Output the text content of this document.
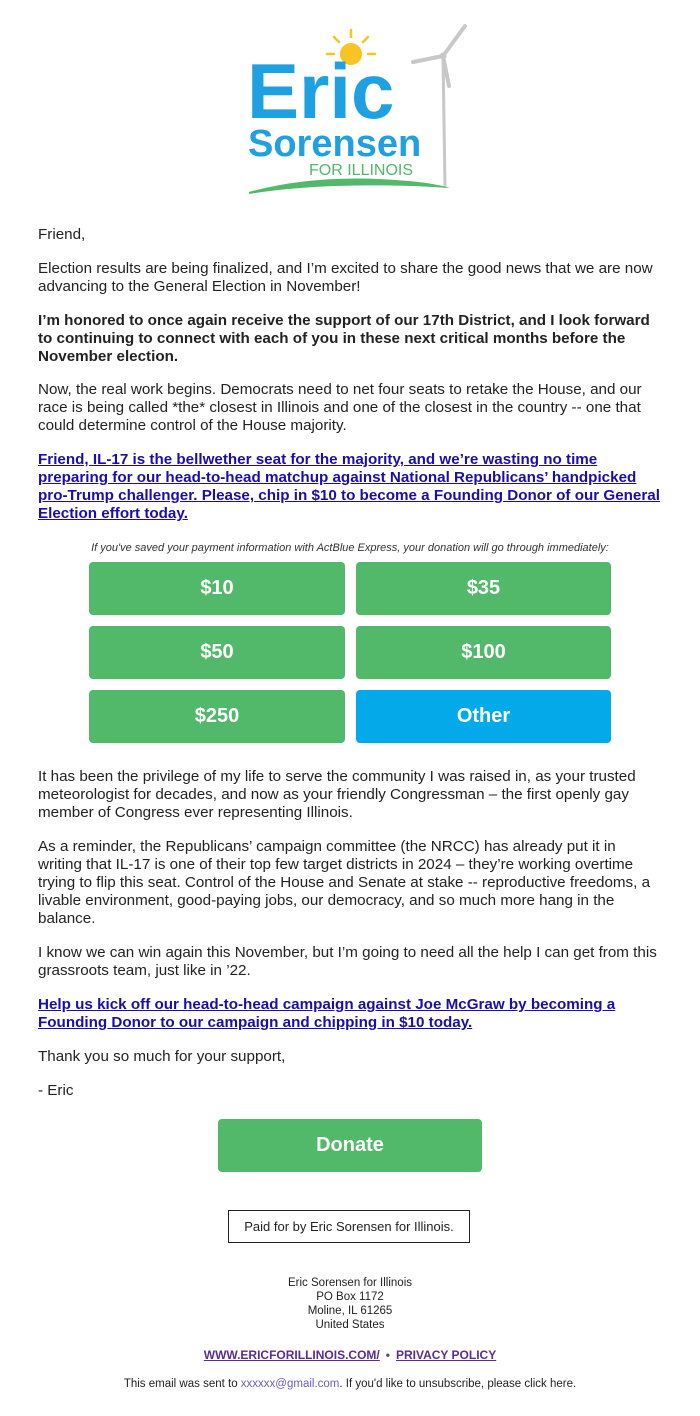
Eric
Sorensen
FOR ILLINOIS

Friend,

Election results are being finalized, and I’m excited to share the good news that we are now advancing to the General Election in November!

I’m honored to once again receive the support of our 17th District, and I look forward to continuing to connect with each of you in these next critical months before the November election.

Now, the real work begins. Democrats need to net four seats to retake the House, and our race is being called *the* closest in Illinois and one of the closest in the country -- one that could determine control of the House majority.

Friend, IL-17 is the bellwether seat for the majority, and we’re wasting no time preparing for our head-to-head matchup against National Republicans’ handpicked pro-Trump challenger. Please, chip in $10 to become a Founding Donor of our General Election effort today.

If you've saved your payment information with ActBlue Express, your donation will go through immediately:
$10	$35
$50	$100
$250	Other

It has been the privilege of my life to serve the community I was raised in, as your trusted meteorologist for decades, and now as your friendly Congressman – the first openly gay member of Congress ever representing Illinois.

As a reminder, the Republicans’ campaign committee (the NRCC) has already put it in writing that IL-17 is one of their top few target districts in 2024 – they’re working overtime trying to flip this seat. Control of the House and Senate at stake -- reproductive freedoms, a livable environment, good-paying jobs, our democracy, and so much more hang in the balance.

I know we can win again this November, but I’m going to need all the help I can get from this grassroots team, just like in ’22.

Help us kick off our head-to-head campaign against Joe McGraw by becoming a Founding Donor to our campaign and chipping in $10 today.

Thank you so much for your support,

- Eric

Donate
Paid for by Eric Sorensen for Illinois.
Eric Sorensen for Illinois
PO Box 1172
Moline, IL 61265
United States
WWW.ERICFORILLINOIS.COM/ • PRIVACY POLICY
This email was sent to xxxxxx@gmail.com. If you'd like to unsubscribe, please click here.
